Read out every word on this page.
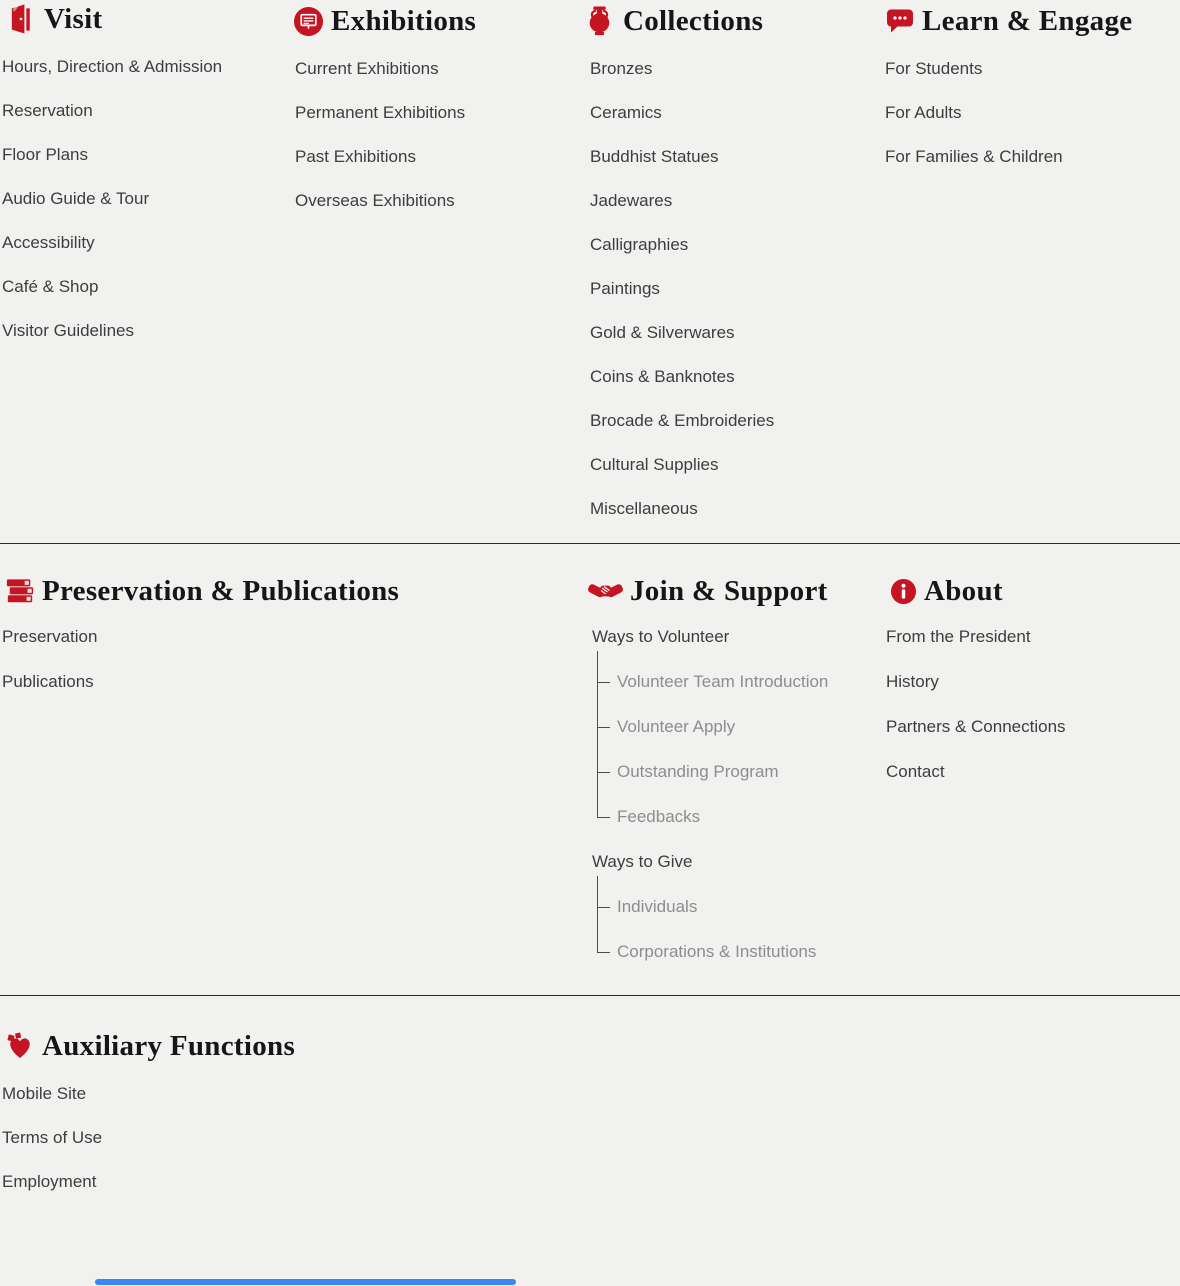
Visit
Hours, Direction & Admission
Reservation
Floor Plans
Audio Guide & Tour
Accessibility
Café & Shop
Visitor Guidelines
Exhibitions
Current Exhibitions
Permanent Exhibitions
Past Exhibitions
Overseas Exhibitions
Collections
Bronzes
Ceramics
Buddhist Statues
Jadewares
Calligraphies
Paintings
Gold & Silverwares
Coins & Banknotes
Brocade & Embroideries
Cultural Supplies
Miscellaneous
Learn & Engage
For Students
For Adults
For Families & Children
Preservation & Publications
Preservation
Publications
Join & Support
Ways to Volunteer
Volunteer Team Introduction
Volunteer Apply
Outstanding Program
Feedbacks
Ways to Give
Individuals
Corporations & Institutions
About
From the President
History
Partners & Connections
Contact
Auxiliary Functions
Mobile Site
Terms of Use
Employment
